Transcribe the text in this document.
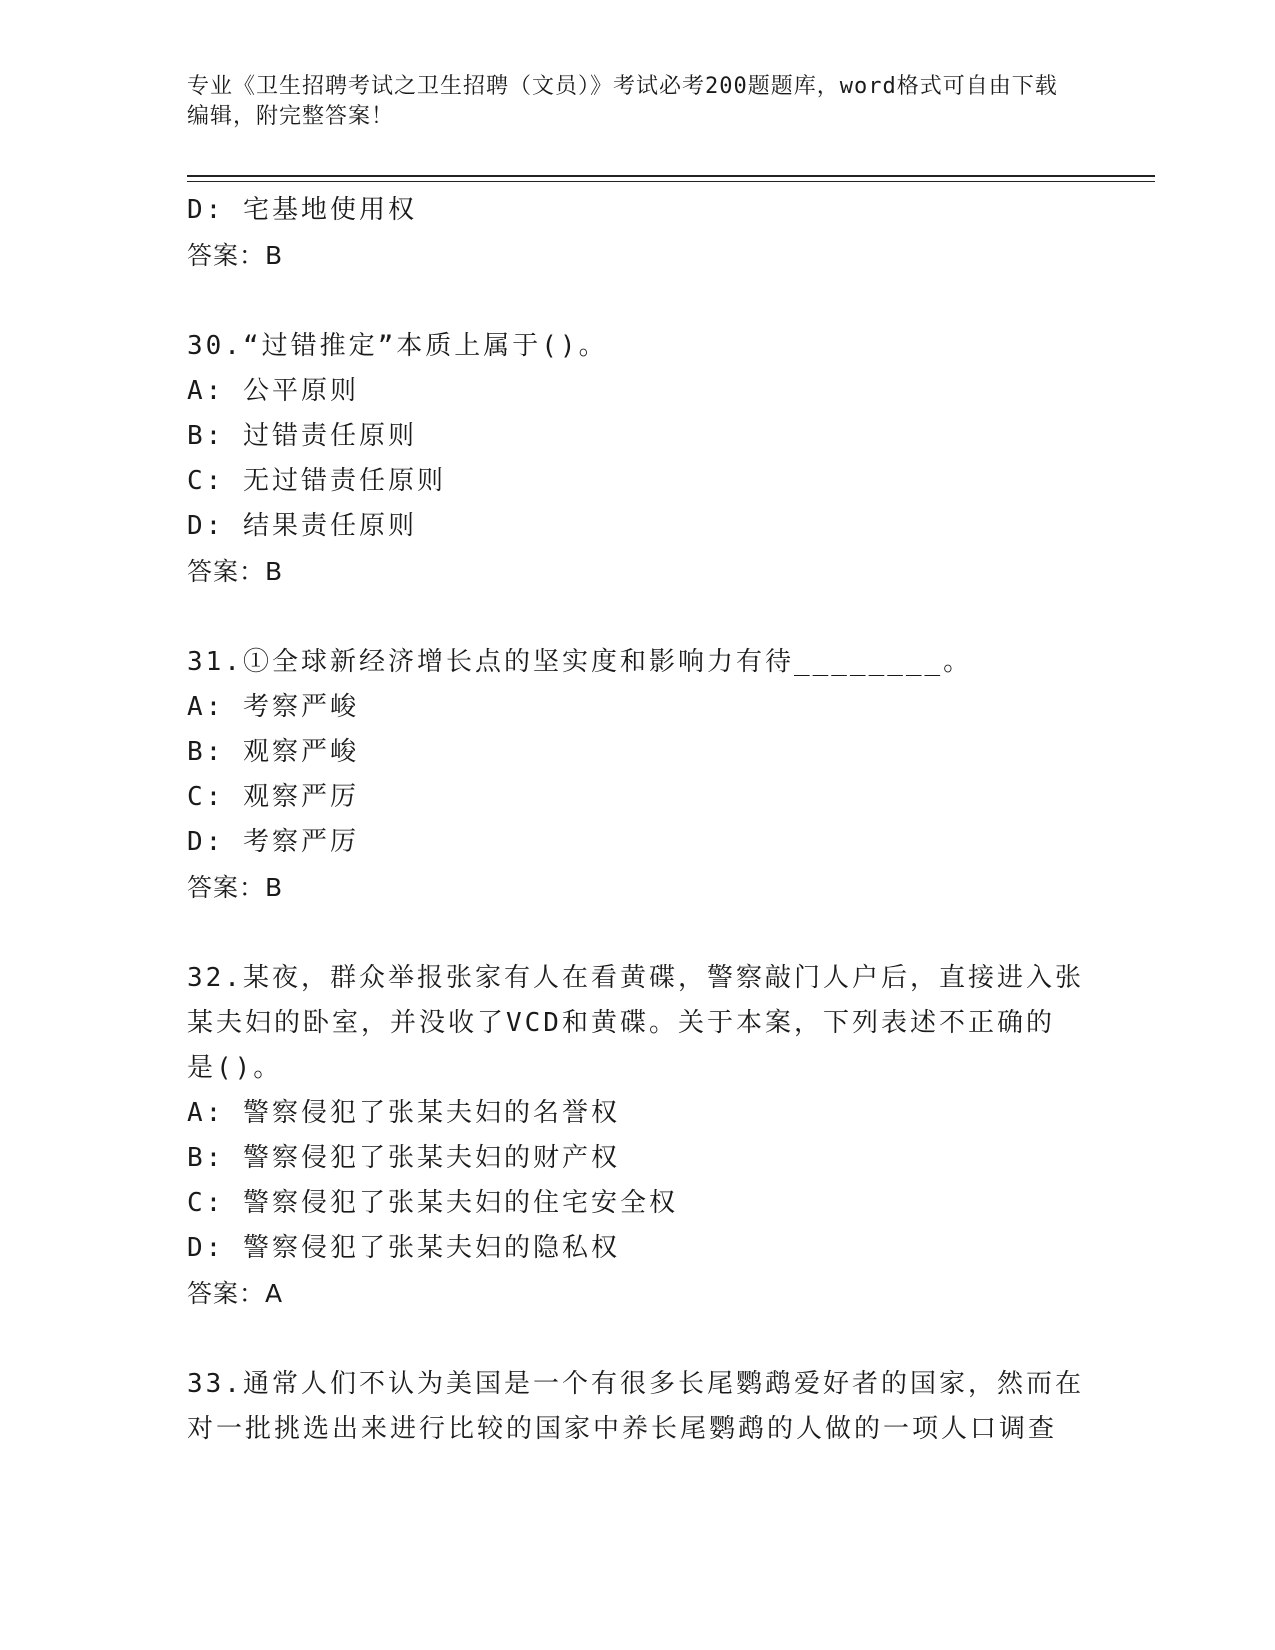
专业《卫生招聘考试之卫生招聘（文员）》考试必考200题题库，word格式可自由下载编辑，附完整答案！

D: 宅基地使用权

答案：B

30.“过错推定”本质上属于()。

A: 公平原则

B: 过错责任原则

C: 无过错责任原则

D: 结果责任原则

答案：B

31.①全球新经济增长点的坚实度和影响力有待________。

A: 考察严峻

B: 观察严峻

C: 观察严厉

D: 考察严厉

答案：B

32.某夜，群众举报张家有人在看黄碟，警察敲门人户后，直接进入张

某夫妇的卧室，并没收了VCD和黄碟。关于本案，下列表述不正确的

是()。

A: 警察侵犯了张某夫妇的名誉权

B: 警察侵犯了张某夫妇的财产权

C: 警察侵犯了张某夫妇的住宅安全权

D: 警察侵犯了张某夫妇的隐私权

答案：A

33.通常人们不认为美国是一个有很多长尾鹦鹉爱好者的国家，然而在

对一批挑选出来进行比较的国家中养长尾鹦鹉的人做的一项人口调查
